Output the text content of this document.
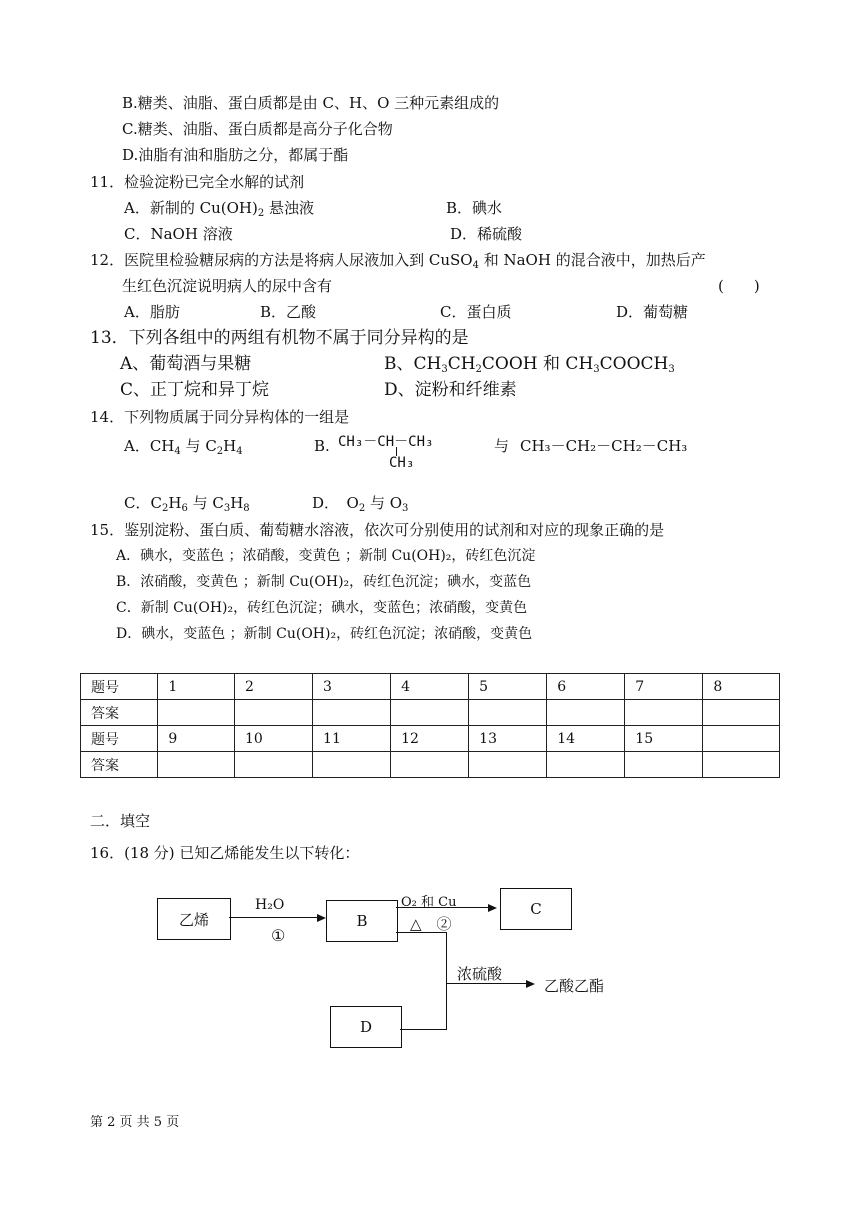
B.糖类、油脂、蛋白质都是由 C、H、O 三种元素组成的
C.糖类、油脂、蛋白质都是高分子化合物
D.油脂有油和脂肪之分，都属于酯
11．检验淀粉已完全水解的试剂
A．新制的 $Cu(OH)_2$ 悬浊液	B．碘水
C．NaOH 溶液	D．稀硫酸
12．医院里检验糖尿病的方法是将病人尿液加入到 CuSO$_4$ 和 NaOH 的混合液中，加热后产
生红色沉淀说明病人的尿中含有	(　　)
A．脂肪	B．乙酸	C．蛋白质	D．葡萄糖
13．下列各组中的两组有机物不属于同分异构的是
A、葡萄酒与果糖	B、$CH_3CH_2COOH$ 和 $CH_3COOCH_3$
C、正丁烷和异丁烷	D、淀粉和纤维素
14．下列物质属于同分异构体的一组是
A．$CH_4$ 与 $C_2H_4$	B. CH₃－CH－CH₃
CH₃
与 CH₃－CH₂－CH₂－CH₃
C．$C_2H_6$ 与 $C_3H_8$	D．　$O_2$ 与 $O_3$
15．鉴别淀粉、蛋白质、葡萄糖水溶液，依次可分别使用的试剂和对应的现象正确的是
A．碘水，变蓝色 ；浓硝酸，变黄色 ；新制 Cu(OH)₂，砖红色沉淀
B．浓硝酸，变黄色 ；新制 Cu(OH)₂，砖红色沉淀；碘水，变蓝色
C．新制 Cu(OH)₂，砖红色沉淀；碘水，变蓝色；浓硝酸，变黄色
D．碘水，变蓝色 ；新制 Cu(OH)₂，砖红色沉淀；浓硝酸，变黄色
题号	1	2	3	4	5	6	7	8
答案								
题号	9	10	11	12	13	14	15	
答案								
二．填空
16．(18 分) 已知乙烯能发生以下转化：
乙烯
H₂O
①
B
O₂ 和 Cu
△　②
C
浓硫酸
乙酸乙酯
D
第 2 页 共 5 页
